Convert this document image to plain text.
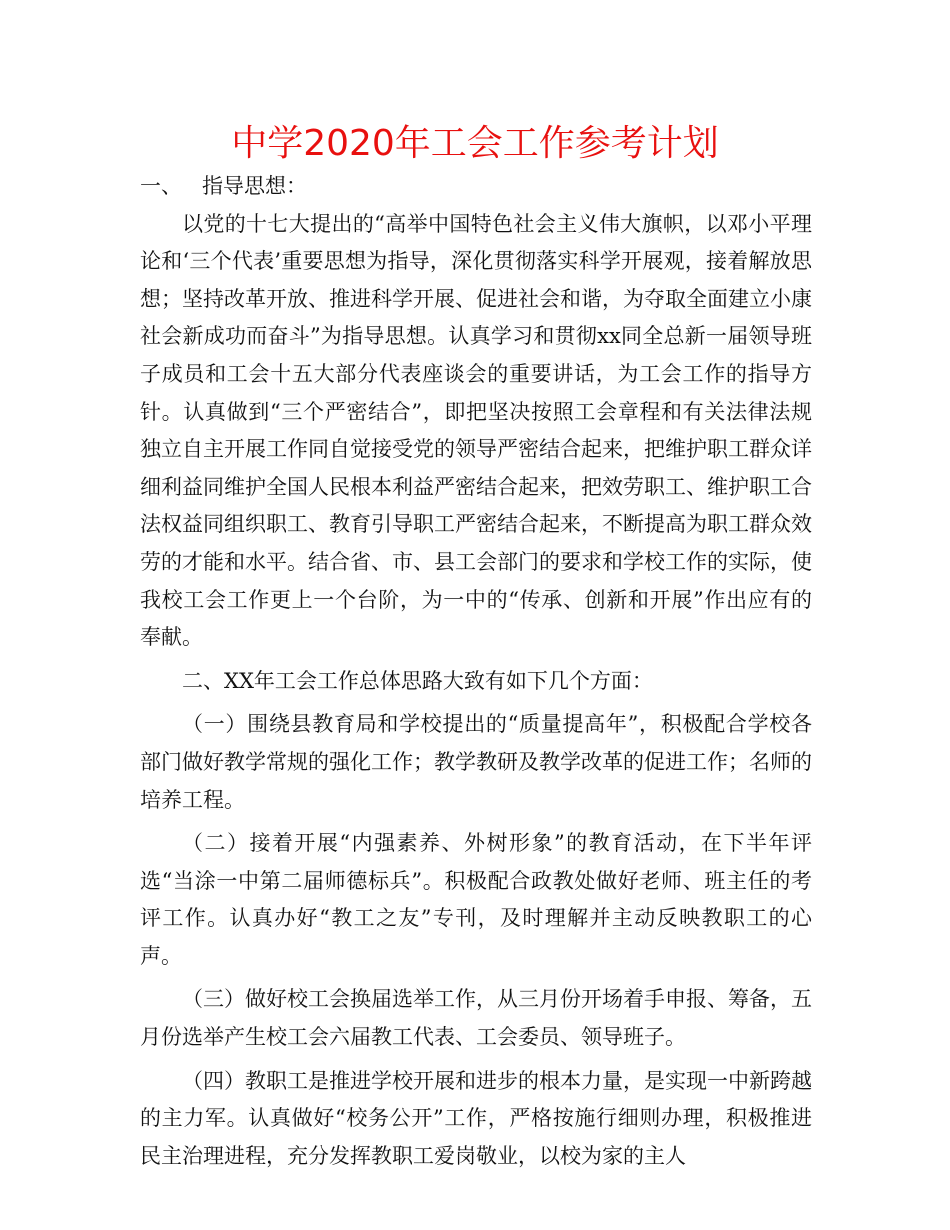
中学2020年工会工作参考计划

一、   指导思想：

以党的十七大提出的“高举中国特色社会主义伟大旗帜，以邓小平理论和‘三个代表’重要思想为指导，深化贯彻落实科学开展观，接着解放思想；坚持改革开放、推进科学开展、促进社会和谐，为夺取全面建立小康社会新成功而奋斗”为指导思想。认真学习和贯彻xx同全总新一届领导班子成员和工会十五大部分代表座谈会的重要讲话，为工会工作的指导方针。认真做到“三个严密结合”，即把坚决按照工会章程和有关法律法规独立自主开展工作同自觉接受党的领导严密结合起来，把维护职工群众详细利益同维护全国人民根本利益严密结合起来，把效劳职工、维护职工合法权益同组织职工、教育引导职工严密结合起来，不断提高为职工群众效劳的才能和水平。结合省、市、县工会部门的要求和学校工作的实际，使我校工会工作更上一个台阶，为一中的“传承、创新和开展”作出应有的奉献。

二、XX年工会工作总体思路大致有如下几个方面：

（一）围绕县教育局和学校提出的“质量提高年”，积极配合学校各部门做好教学常规的强化工作；教学教研及教学改革的促进工作；名师的培养工程。

（二）接着开展“内强素养、外树形象”的教育活动，在下半年评选“当涂一中第二届师德标兵”。积极配合政教处做好老师、班主任的考评工作。认真办好“教工之友”专刊，及时理解并主动反映教职工的心声。

（三）做好校工会换届选举工作，从三月份开场着手申报、筹备，五月份选举产生校工会六届教工代表、工会委员、领导班子。

（四）教职工是推进学校开展和进步的根本力量，是实现一中新跨越的主力军。认真做好“校务公开”工作，严格按施行细则办理，积极推进民主治理进程，充分发挥教职工爱岗敬业，以校为家的主人
